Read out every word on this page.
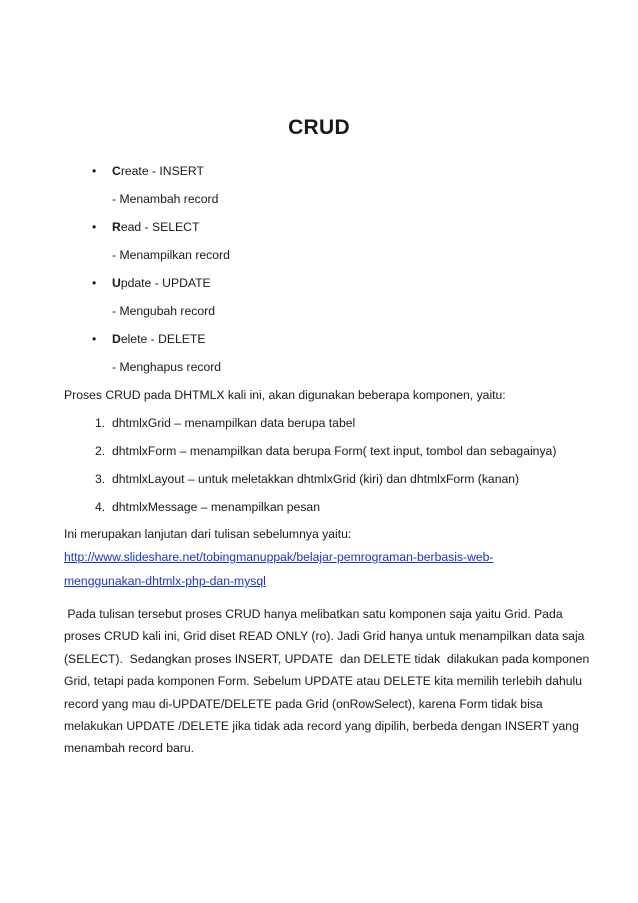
CRUD
• Create - INSERT
- Menambah record
• Read - SELECT
- Menampilkan record
• Update - UPDATE
- Mengubah record
• Delete - DELETE
- Menghapus record
Proses CRUD pada DHTMLX kali ini, akan digunakan beberapa komponen, yaitu:
1. dhtmlxGrid – menampilkan data berupa tabel
2. dhtmlxForm – menampilkan data berupa Form( text input, tombol dan sebagainya)
3. dhtmlxLayout – untuk meletakkan dhtmlxGrid (kiri) dan dhtmlxForm (kanan)
4. dhtmlxMessage – menampilkan pesan
Ini merupakan lanjutan dari tulisan sebelumnya yaitu:
http://www.slideshare.net/tobingmanuppak/belajar-pemrograman-berbasis-web-
menggunakan-dhtmlx-php-dan-mysql
Pada tulisan tersebut proses CRUD hanya melibatkan satu komponen saja yaitu Grid. Pada
proses CRUD kali ini, Grid diset READ ONLY (ro). Jadi Grid hanya untuk menampilkan data saja
(SELECT).  Sedangkan proses INSERT, UPDATE  dan DELETE tidak  dilakukan pada komponen
Grid, tetapi pada komponen Form. Sebelum UPDATE atau DELETE kita memilih terlebih dahulu
record yang mau di-UPDATE/DELETE pada Grid (onRowSelect), karena Form tidak bisa
melakukan UPDATE /DELETE jika tidak ada record yang dipilih, berbeda dengan INSERT yang
menambah record baru.
